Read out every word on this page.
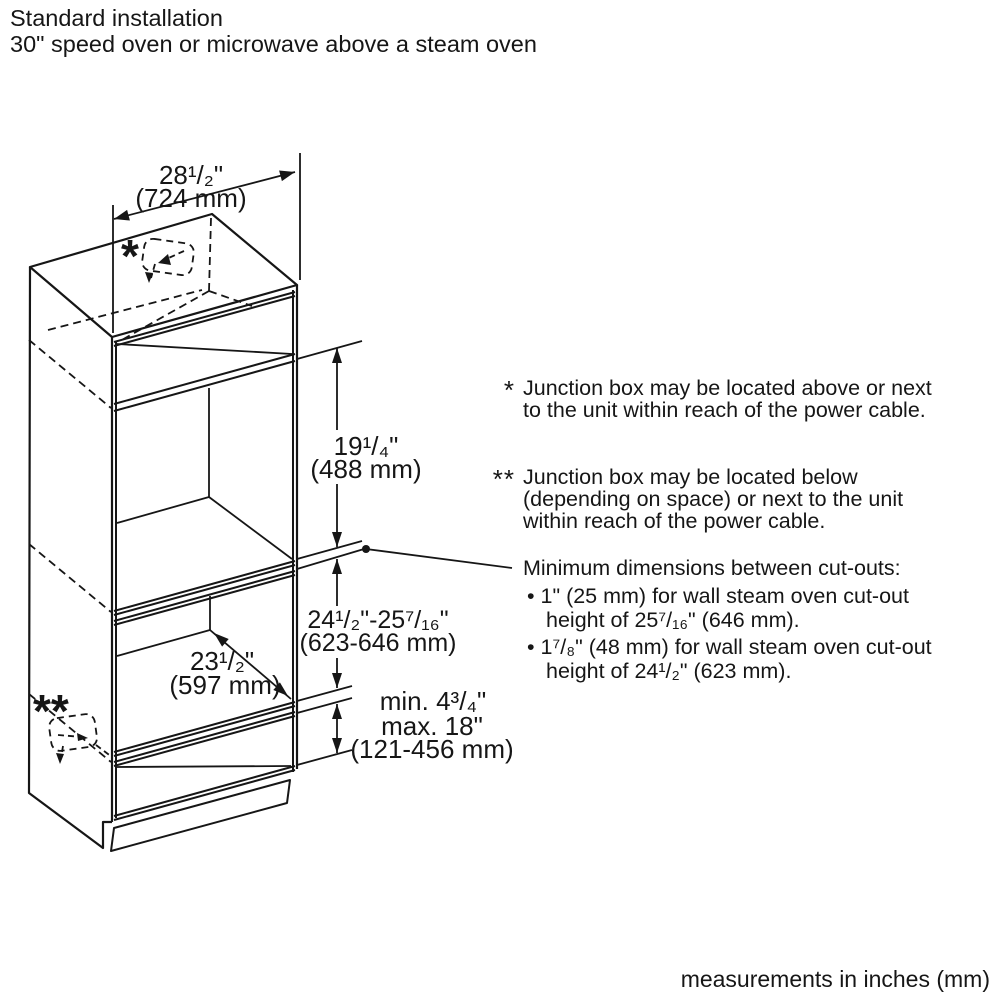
Standard installation
30" speed oven or microwave above a steam oven
*
**
28¹/₂"
(724 mm)
19¹/₄"
(488 mm)
24¹/₂"-25⁷/₁₆"
(623-646 mm)
23¹/₂"
(597 mm)
min. 4³/₄"
max. 18"
(121-456 mm)
* Junction box may be located above or next
to the unit within reach of the power cable.
** Junction box may be located below
(depending on space) or next to the unit
within reach of the power cable.
Minimum dimensions between cut-outs:
• 1" (25 mm) for wall steam oven cut-out
height of 25⁷/₁₆" (646 mm).
• 1⁷/₈" (48 mm) for wall steam oven cut-out
height of 24¹/₂" (623 mm).
measurements in inches (mm)
